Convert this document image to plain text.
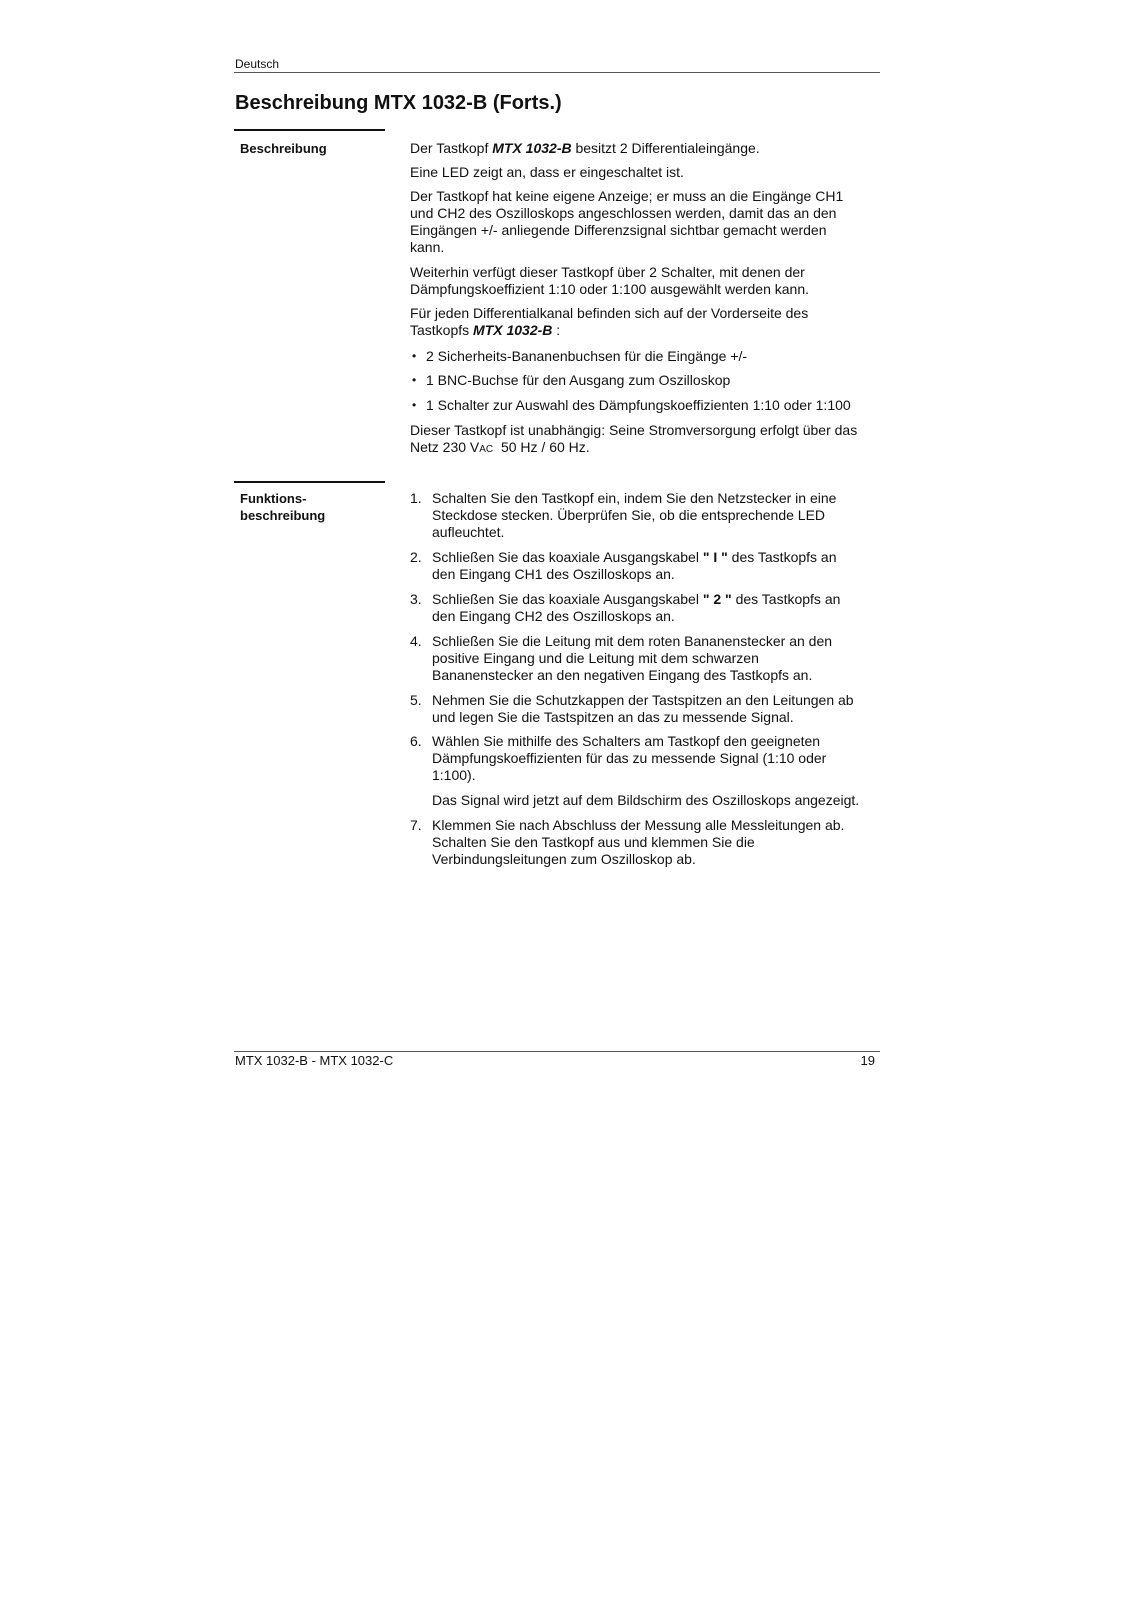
Deutsch
Beschreibung MTX 1032-B (Forts.)
Beschreibung	Der Tastkopf MTX 1032-B besitzt 2 Differentialeingänge.
Eine LED zeigt an, dass er eingeschaltet ist.
Der Tastkopf hat keine eigene Anzeige; er muss an die Eingänge CH1
und CH2 des Oszilloskops angeschlossen werden, damit das an den
Eingängen +/- anliegende Differenzsignal sichtbar gemacht werden
kann.
Weiterhin verfügt dieser Tastkopf über 2 Schalter, mit denen der
Dämpfungskoeffizient 1:10 oder 1:100 ausgewählt werden kann.
Für jeden Differentialkanal befinden sich auf der Vorderseite des
Tastkopfs MTX 1032-B :
• 2 Sicherheits-Bananenbuchsen für die Eingänge +/-
• 1 BNC-Buchse für den Ausgang zum Oszilloskop
• 1 Schalter zur Auswahl des Dämpfungskoeffizienten 1:10 oder 1:100
Dieser Tastkopf ist unabhängig: Seine Stromversorgung erfolgt über das
Netz 230 VAC  50 Hz / 60 Hz.
Funktions-
beschreibung
1. Schalten Sie den Tastkopf ein, indem Sie den Netzstecker in eine
Steckdose stecken. Überprüfen Sie, ob die entsprechende LED
aufleuchtet.
2. Schließen Sie das koaxiale Ausgangskabel " I " des Tastkopfs an
den Eingang CH1 des Oszilloskops an.
3. Schließen Sie das koaxiale Ausgangskabel " 2 " des Tastkopfs an
den Eingang CH2 des Oszilloskops an.
4. Schließen Sie die Leitung mit dem roten Bananenstecker an den
positive Eingang und die Leitung mit dem schwarzen
Bananenstecker an den negativen Eingang des Tastkopfs an.
5. Nehmen Sie die Schutzkappen der Tastspitzen an den Leitungen ab
und legen Sie die Tastspitzen an das zu messende Signal.
6. Wählen Sie mithilfe des Schalters am Tastkopf den geeigneten
Dämpfungskoeffizienten für das zu messende Signal (1:10 oder
1:100).
Das Signal wird jetzt auf dem Bildschirm des Oszilloskops angezeigt.
7. Klemmen Sie nach Abschluss der Messung alle Messleitungen ab.
Schalten Sie den Tastkopf aus und klemmen Sie die
Verbindungsleitungen zum Oszilloskop ab.
MTX 1032-B - MTX 1032-C	19
